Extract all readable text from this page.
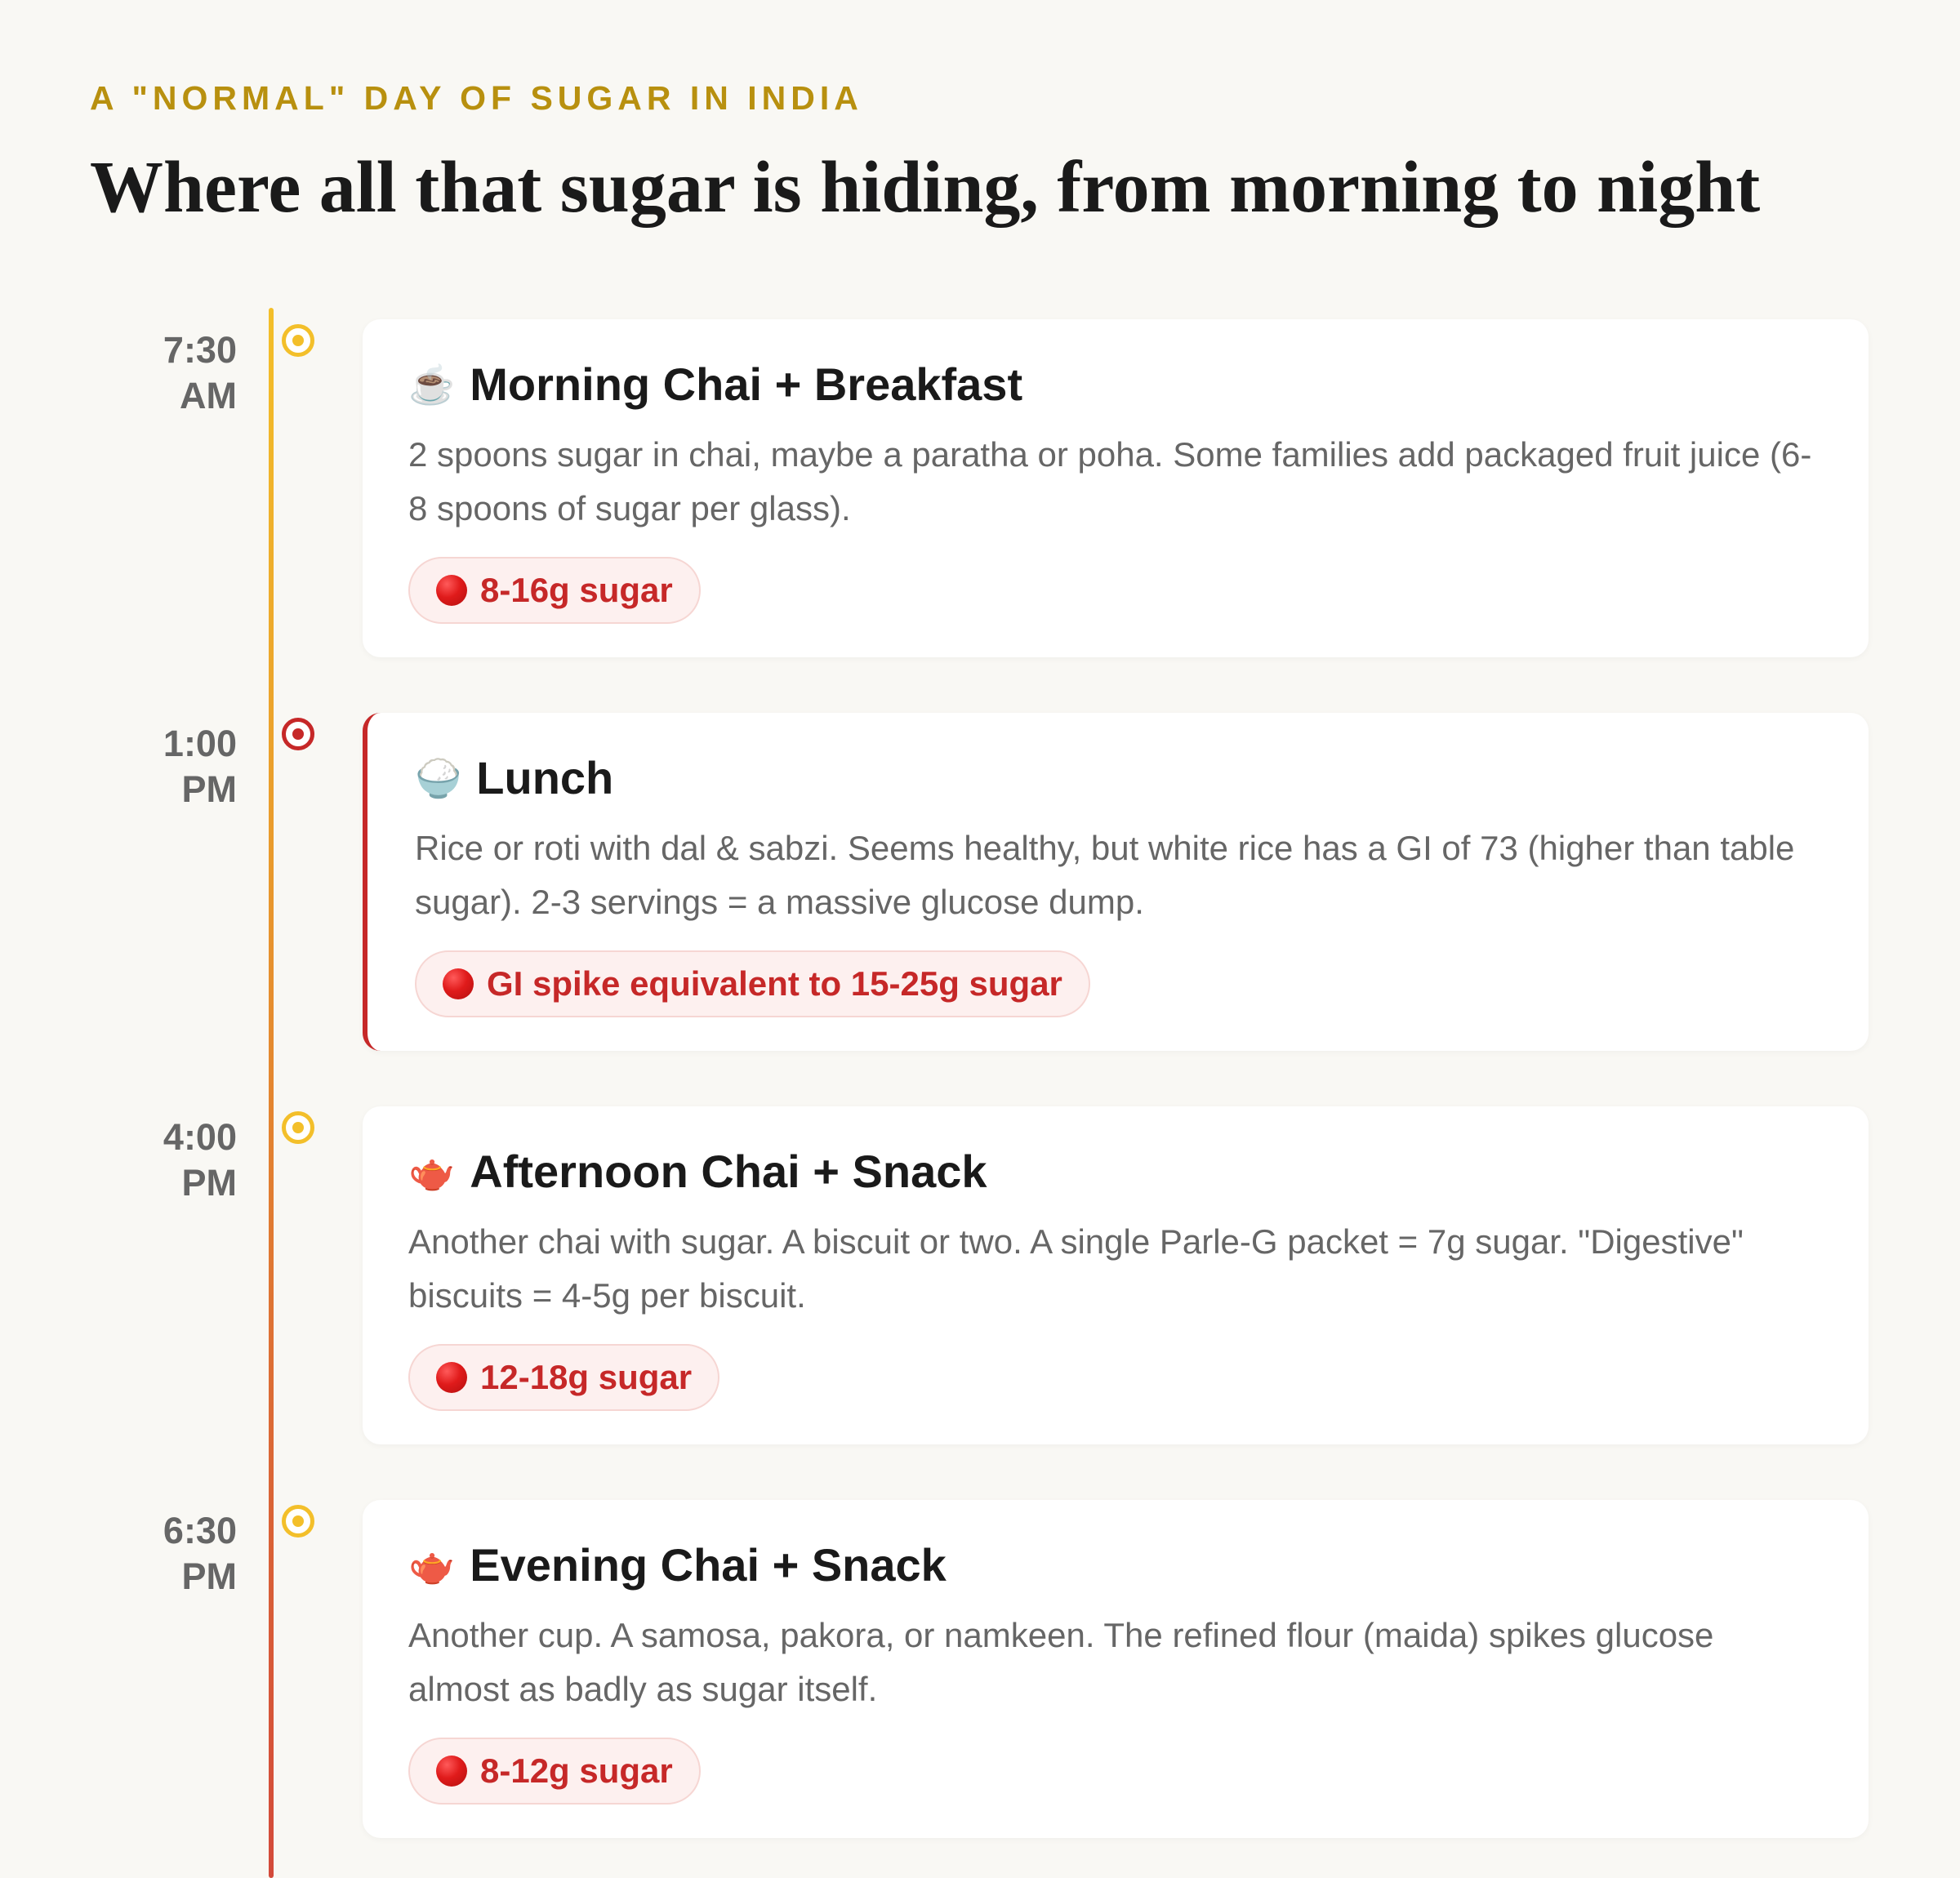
A "NORMAL" DAY OF SUGAR IN INDIA
Where all that sugar is hiding, from morning to night
7:30
AM	☕ Morning Chai + Breakfast
2 spoons sugar in chai, maybe a paratha or poha. Some families add packaged fruit juice (6-8 spoons of sugar per glass).
8-16g sugar
1:00
PM	🍚 Lunch
Rice or roti with dal & sabzi. Seems healthy, but white rice has a GI of 73 (higher than table sugar). 2-3 servings = a massive glucose dump.
GI spike equivalent to 15-25g sugar
4:00
PM	🫖 Afternoon Chai + Snack
Another chai with sugar. A biscuit or two. A single Parle-G packet = 7g sugar. "Digestive" biscuits = 4-5g per biscuit.
12-18g sugar
6:30
PM	🫖 Evening Chai + Snack
Another cup. A samosa, pakora, or namkeen. The refined flour (maida) spikes glucose almost as badly as sugar itself.
8-12g sugar
